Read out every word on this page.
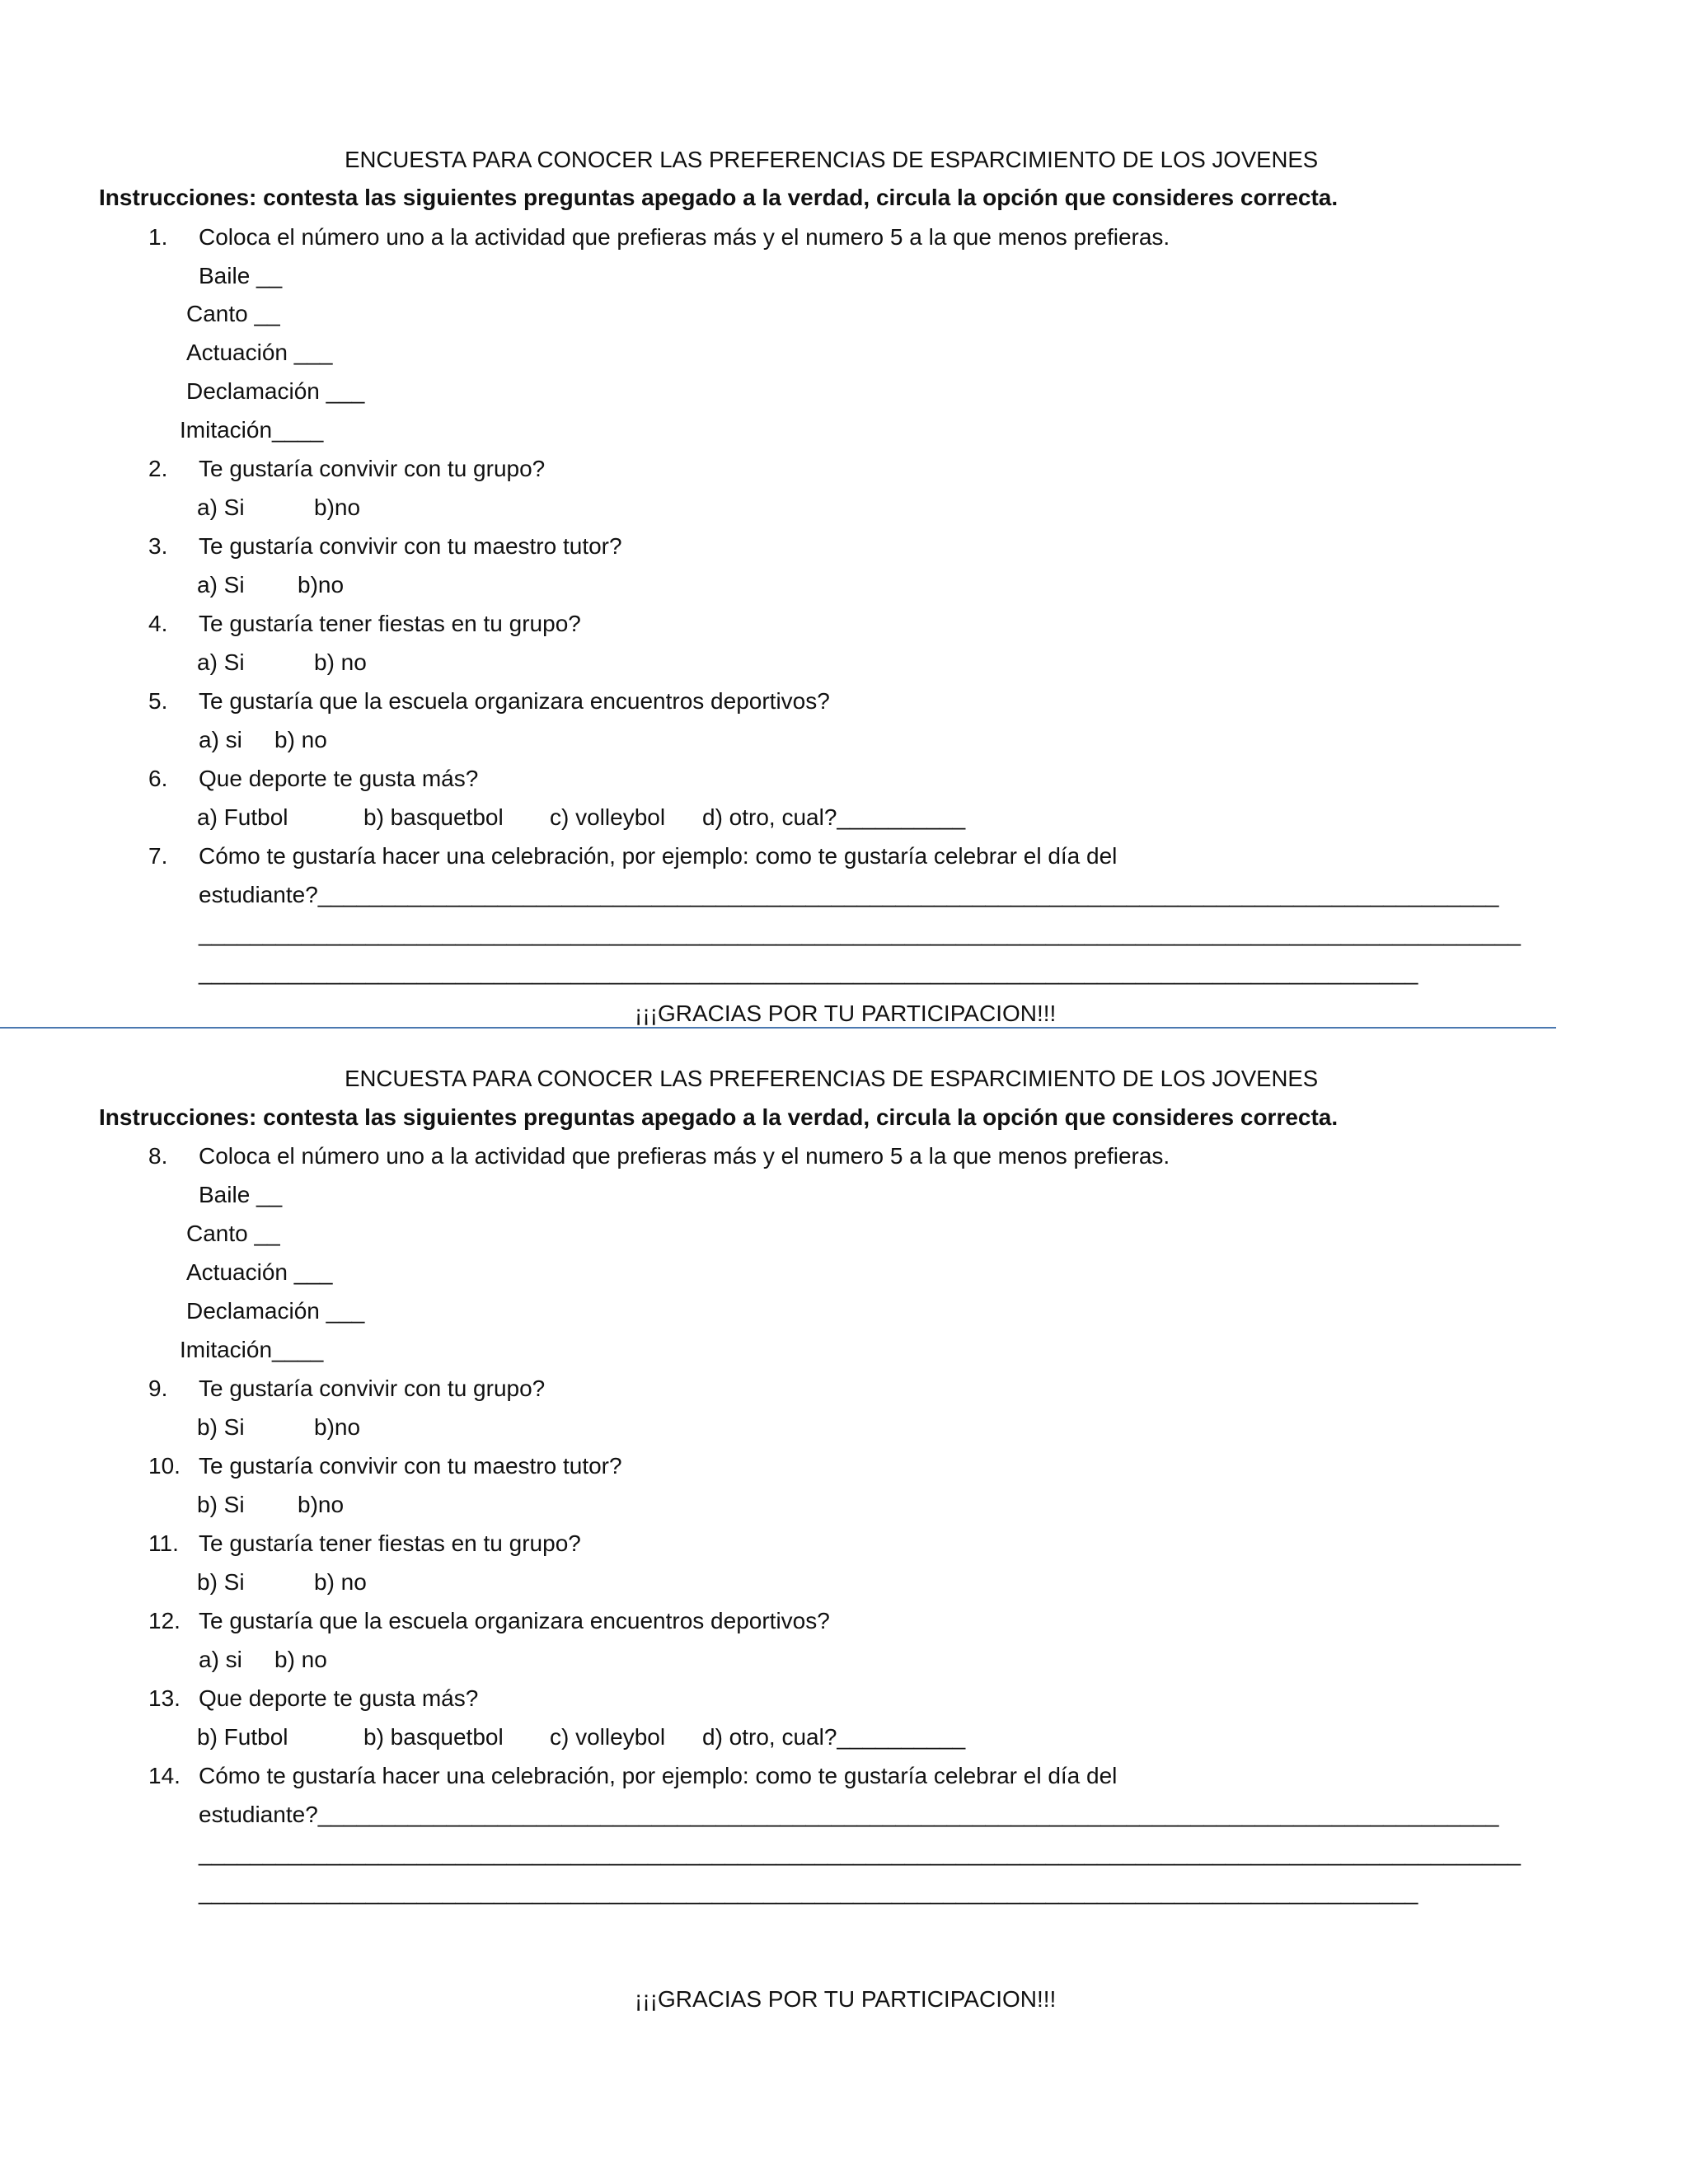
ENCUESTA PARA CONOCER LAS PREFERENCIAS DE ESPARCIMIENTO DE LOS JOVENES
Instrucciones: contesta las siguientes preguntas apegado a la verdad, circula la opción que consideres correcta.
1. Coloca el número uno a la actividad que prefieras más y el numero 5 a la que menos prefieras.
Baile __
Canto __
Actuación ___
Declamación ___
Imitación____
2. Te gustaría convivir con tu grupo?
a) Si	b)no
3. Te gustaría convivir con tu maestro tutor?
a) Si b)no
4. Te gustaría tener fiestas en tu grupo?
a) Si	b) no
5. Te gustaría que la escuela organizara encuentros deportivos?
a) si b) no
6. Que deporte te gusta más?
a) Futbol	b) basquetbol c) volleybol d) otro, cual?__________
7. Cómo te gustaría hacer una celebración, por ejemplo: como te gustaría celebrar el día del
estudiante?____________________________________________________________________________________________
_______________________________________________________________________________________________________
_______________________________________________________________________________________________
¡¡¡GRACIAS POR TU PARTICIPACION!!!
ENCUESTA PARA CONOCER LAS PREFERENCIAS DE ESPARCIMIENTO DE LOS JOVENES
Instrucciones: contesta las siguientes preguntas apegado a la verdad, circula la opción que consideres correcta.
8. Coloca el número uno a la actividad que prefieras más y el numero 5 a la que menos prefieras.
Baile __
Canto __
Actuación ___
Declamación ___
Imitación____
9. Te gustaría convivir con tu grupo?
b) Si	b)no
10. Te gustaría convivir con tu maestro tutor?
b) Si b)no
11. Te gustaría tener fiestas en tu grupo?
b) Si	b) no
12. Te gustaría que la escuela organizara encuentros deportivos?
a) si b) no
13. Que deporte te gusta más?
b) Futbol	b) basquetbol c) volleybol d) otro, cual?__________
14. Cómo te gustaría hacer una celebración, por ejemplo: como te gustaría celebrar el día del
estudiante?____________________________________________________________________________________________
_______________________________________________________________________________________________________
_______________________________________________________________________________________________
¡¡¡GRACIAS POR TU PARTICIPACION!!!
